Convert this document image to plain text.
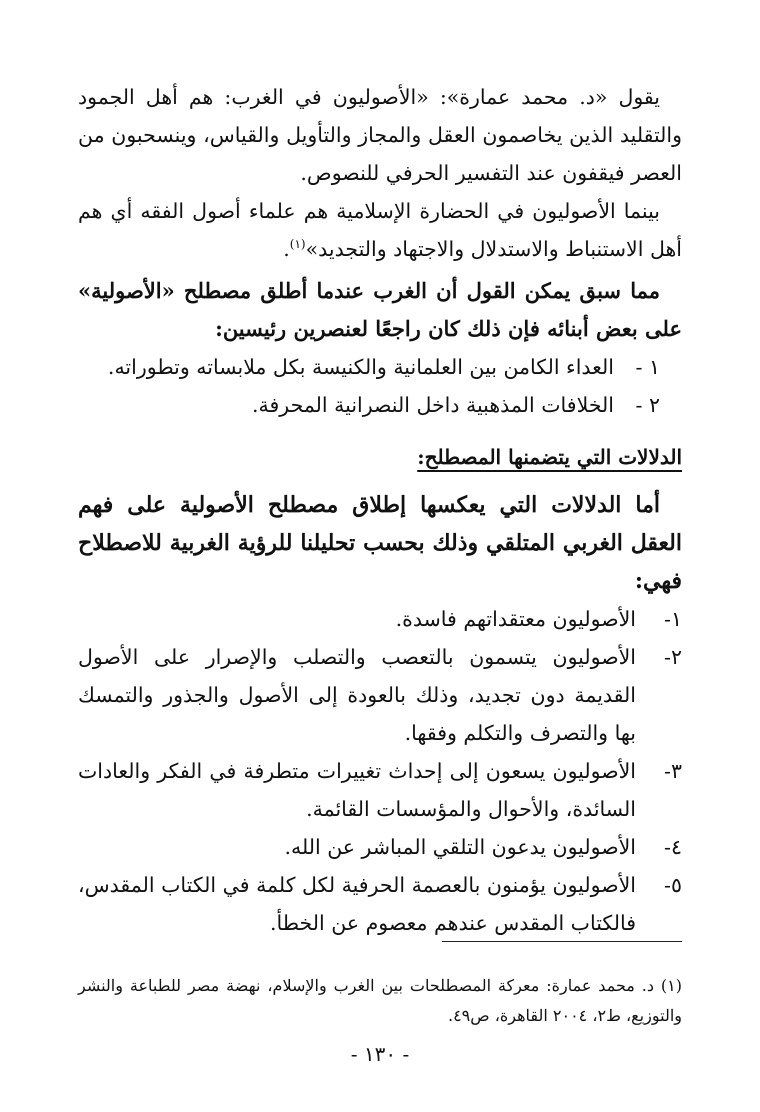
يقول «د. محمد عمارة»: «الأصوليون في الغرب: هم أهل الجمود والتقليد الذين يخاصمون العقل والمجاز والتأويل والقياس، وينسحبون من العصر فيقفون عند التفسير الحرفي للنصوص.

بينما الأصوليون في الحضارة الإسلامية هم علماء أصول الفقه أي هم أهل الاستنباط والاستدلال والاجتهاد والتجديد»$^{(١)}$.

مما سبق يمكن القول أن الغرب عندما أطلق مصطلح «الأصولية» على بعض أبنائه فإن ذلك كان راجعًا لعنصرين رئيسين:

١ -
العداء الكامن بين العلمانية والكنيسة بكل ملابساته وتطوراته.
٢ -
الخلافات المذهبية داخل النصرانية المحرفة.

الدلالات التي يتضمنها المصطلح:

أما الدلالات التي يعكسها إطلاق مصطلح الأصولية على فهم العقل الغربي المتلقي وذلك بحسب تحليلنا للرؤية الغربية للاصطلاح فهي:

١-
الأصوليون معتقداتهم فاسدة.
٢-
الأصوليون يتسمون بالتعصب والتصلب والإصرار على الأصول القديمة دون تجديد، وذلك بالعودة إلى الأصول والجذور والتمسك بها والتصرف والتكلم وفقها.
٣-
الأصوليون يسعون إلى إحداث تغييرات متطرفة في الفكر والعادات السائدة، والأحوال والمؤسسات القائمة.
٤-
الأصوليون يدعون التلقي المباشر عن الله.
٥-
الأصوليون يؤمنون بالعصمة الحرفية لكل كلمة في الكتاب المقدس، فالكتاب المقدس عندهم معصوم عن الخطأ.

(١) د. محمد عمارة: معركة المصطلحات بين الغرب والإسلام، نهضة مصر للطباعة والنشر والتوزيع، ط٢، ٢٠٠٤ القاهرة، ص٤٩.

- ١٣٠ -
